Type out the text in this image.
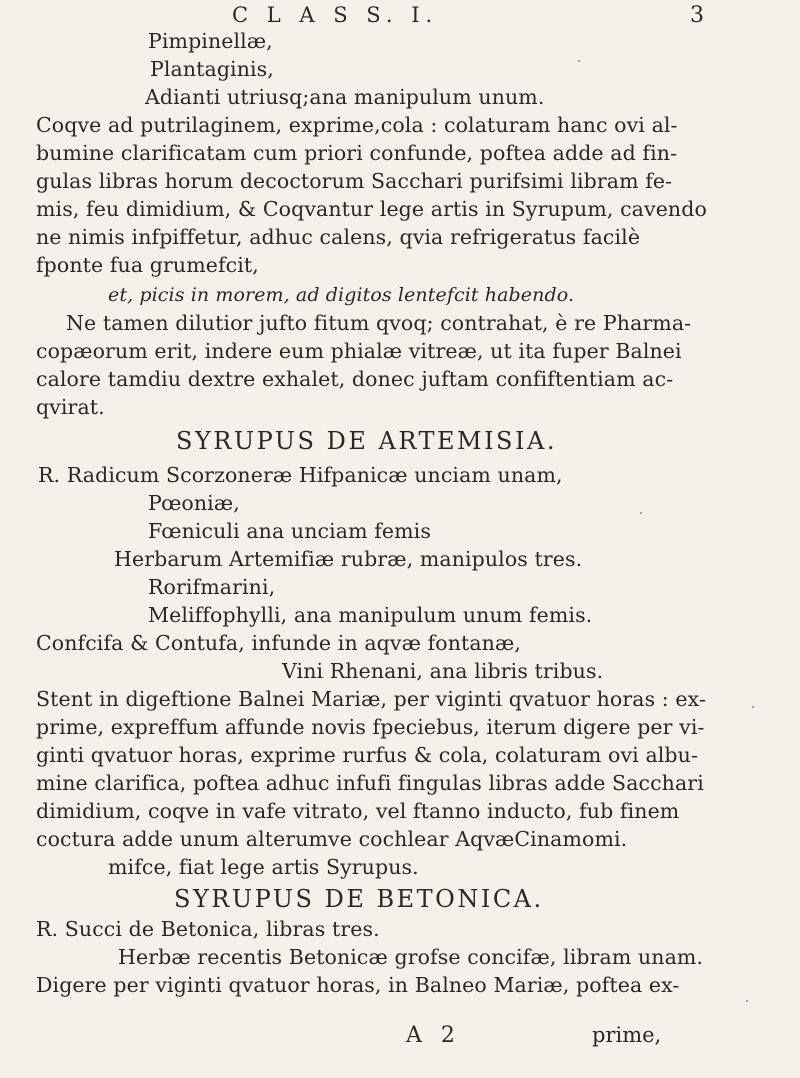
C L A S S. I.	3
Pimpinellæ,
Plantaginis,
Adianti utriusq;ana manipulum unum.
Coqve ad putrilaginem, exprime,cola : colaturam hanc ovi al-
bumine clarificatam cum priori confunde, poftea adde ad fin-
gulas libras horum decoctorum Sacchari purifsimi libram fe-
mis, feu dimidium, & Coqvantur lege artis in Syrupum, cavendo
ne nimis infpiffetur, adhuc calens, qvia refrigeratus facilè
fponte fua grumefcit,
et, picis in morem, ad digitos lentefcit habendo.
Ne tamen dilutior jufto fitum qvoq; contrahat, è re Pharma-
copæorum erit, indere eum phialæ vitreæ, ut ita fuper Balnei
calore tamdiu dextre exhalet, donec juftam confiftentiam ac-
qvirat.
SYRUPUS DE ARTEMISIA.
R. Radicum Scorzoneræ Hifpanicæ unciam unam,
Pœoniæ,
Fœniculi ana unciam femis
Herbarum Artemifiæ rubræ, manipulos tres.
Rorifmarini,
Meliffophylli, ana manipulum unum femis.
Confcifa & Contufa, infunde in aqvæ fontanæ,
Vini Rhenani, ana libris tribus.
Stent in digeftione Balnei Mariæ, per viginti qvatuor horas : ex-
prime, expreffum affunde novis fpeciebus, iterum digere per vi-
ginti qvatuor horas, exprime rurfus & cola, colaturam ovi albu-
mine clarifica, poftea adhuc infufi fingulas libras adde Sacchari
dimidium, coqve in vafe vitrato, vel ftanno inducto, fub finem
coctura adde unum alterumve cochlear AqvæCinamomi.
mifce, fiat lege artis Syrupus.
SYRUPUS DE BETONICA.
R. Succi de Betonica, libras tres.
Herbæ recentis Betonicæ grofse concifæ, libram unam.
Digere per viginti qvatuor horas, in Balneo Mariæ, poftea ex-
A 2	prime,
